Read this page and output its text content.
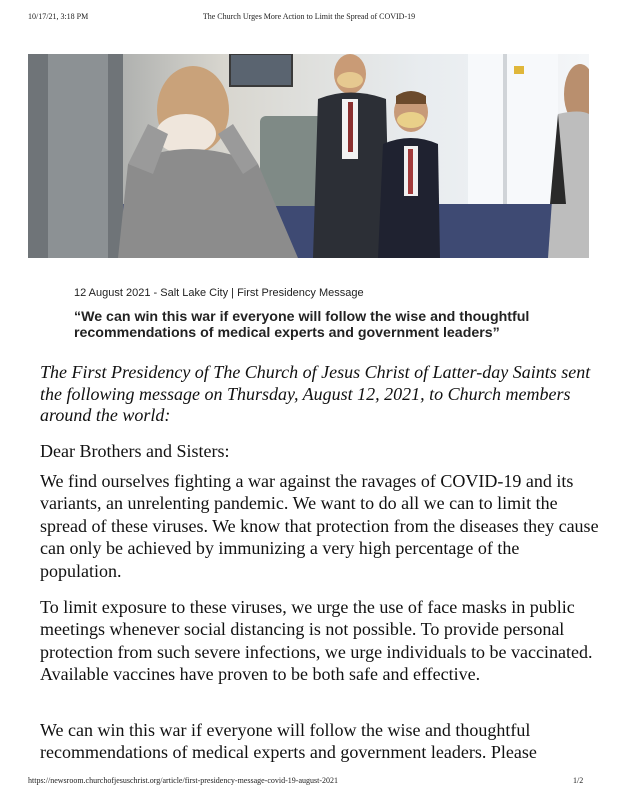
10/17/21, 3:18 PM	The Church Urges More Action to Limit the Spread of COVID-19
12 August 2021 - Salt Lake City | First Presidency Message
“We can win this war if everyone will follow the wise and thoughtful recommendations of medical experts and government leaders”
The First Presidency of The Church of Jesus Christ of Latter-day Saints sent the following message on Thursday, August 12, 2021, to Church members around the world:
Dear Brothers and Sisters:
We find ourselves fighting a war against the ravages of COVID-19 and its variants, an unrelenting pandemic. We want to do all we can to limit the spread of these viruses. We know that protection from the diseases they cause can only be achieved by immunizing a very high percentage of the population.
To limit exposure to these viruses, we urge the use of face masks in public meetings whenever social distancing is not possible. To provide personal protection from such severe infections, we urge individuals to be vaccinated. Available vaccines have proven to be both safe and effective.
We can win this war if everyone will follow the wise and thoughtful recommendations of medical experts and government leaders. Please
https://newsroom.churchofjesuschrist.org/article/first-presidency-message-covid-19-august-2021	1/2
